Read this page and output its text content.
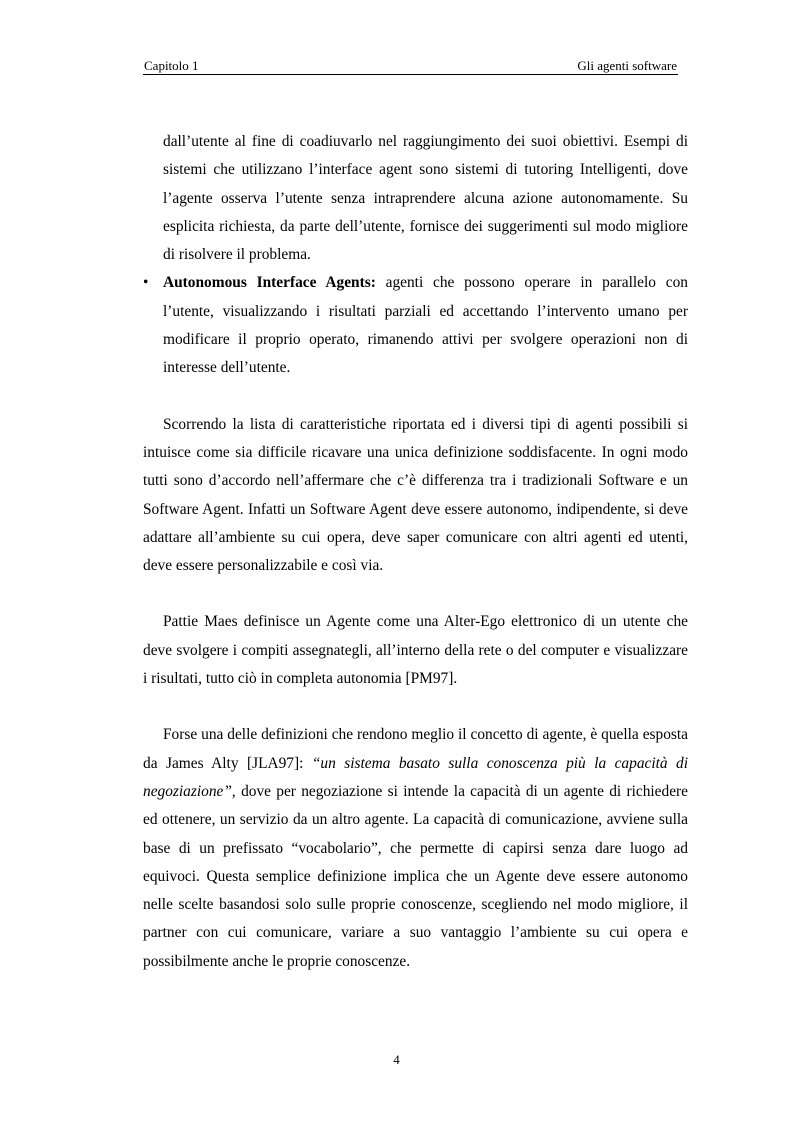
Capitolo 1	Gli agenti software

dall’utente al fine di coadiuvarlo nel raggiungimento dei suoi obiettivi. Esempi di sistemi che utilizzano l’interface agent sono sistemi di tutoring Intelligenti, dove l’agente osserva l’utente senza intraprendere alcuna azione autonomamente. Su esplicita richiesta, da parte dell’utente, fornisce dei suggerimenti sul modo migliore di risolvere il problema.

• Autonomous Interface Agents: agenti che possono operare in parallelo con l’utente, visualizzando i risultati parziali ed accettando l’intervento umano per modificare il proprio operato, rimanendo attivi per svolgere operazioni non di interesse dell’utente.

Scorrendo la lista di caratteristiche riportata ed i diversi tipi di agenti possibili si intuisce come sia difficile ricavare una unica definizione soddisfacente. In ogni modo tutti sono d’accordo nell’affermare che c’è differenza tra i tradizionali Software e un Software Agent. Infatti un Software Agent deve essere autonomo, indipendente, si deve adattare all’ambiente su cui opera, deve saper comunicare con altri agenti ed utenti, deve essere personalizzabile e così via.

Pattie Maes definisce un Agente come una Alter-Ego elettronico di un utente che deve svolgere i compiti assegnategli, all’interno della rete o del computer e visualizzare i risultati, tutto ciò in completa autonomia [PM97].

Forse una delle definizioni che rendono meglio il concetto di agente, è quella esposta da James Alty [JLA97]: “un sistema basato sulla conoscenza più la capacità di negoziazione”, dove per negoziazione si intende la capacità di un agente di richiedere ed ottenere, un servizio da un altro agente. La capacità di comunicazione, avviene sulla base di un prefissato “vocabolario”, che permette di capirsi senza dare luogo ad equivoci. Questa semplice definizione implica che un Agente deve essere autonomo nelle scelte basandosi solo sulle proprie conoscenze, scegliendo nel modo migliore, il partner con cui comunicare, variare a suo vantaggio l’ambiente su cui opera e possibilmente anche le proprie conoscenze.

4
